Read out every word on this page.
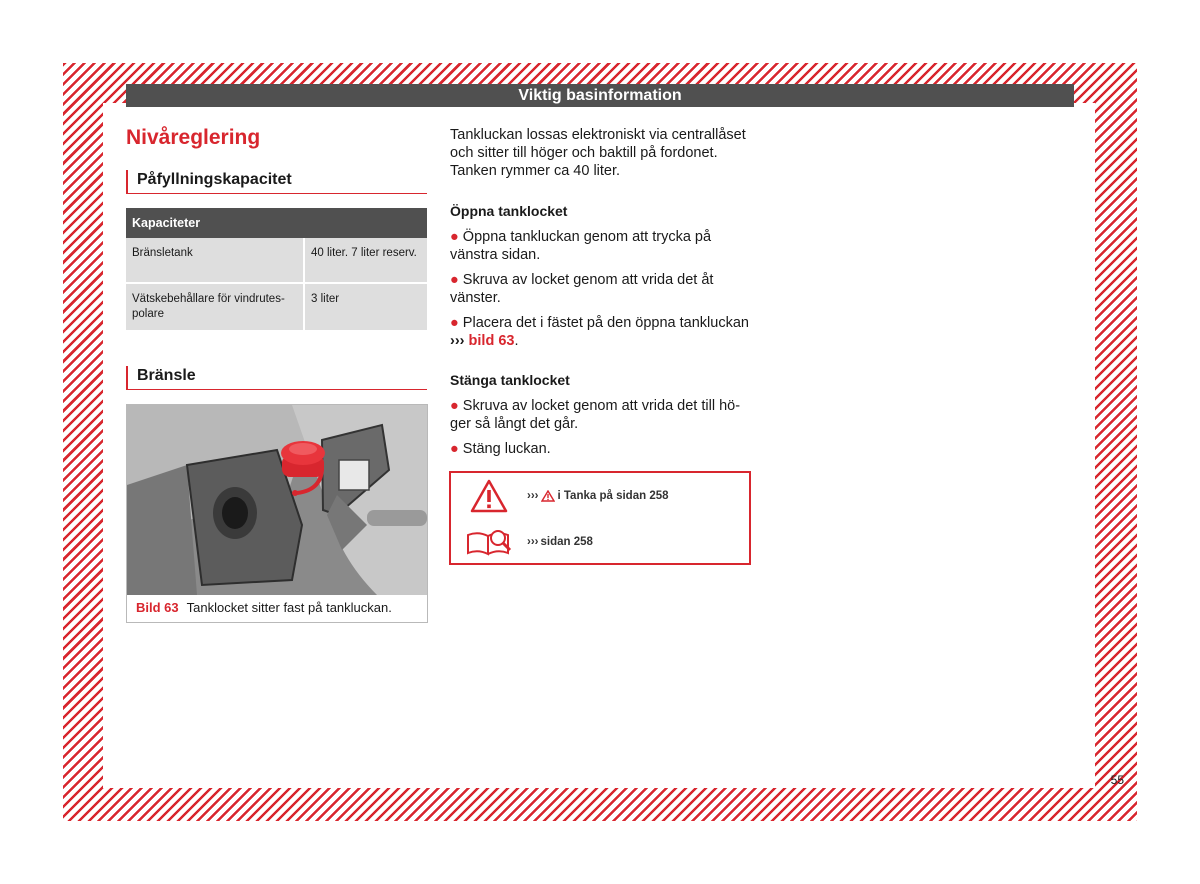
Viktig basinformation
Nivåreglering
Påfyllningskapacitet
Kapaciteter	
Bränsletank	40 liter. 7 liter reserv.
Vätskebehållare för vindrutespolare	3 liter
Bränsle
Bild 63 Tanklocket sitter fast på tankluckan.

Tankluckan lossas elektroniskt via centrallåset och sitter till höger och baktill på fordonet. Tanken rymmer ca 40 liter.

Öppna tanklocket

● Öppna tankluckan genom att trycka på vänstra sidan.

● Skruva av locket genom att vrida det åt vänster.

● Placera det i fästet på den öppna tankluckan ››› bild 63.

Stänga tanklocket

● Skruva av locket genom att vrida det till höger så långt det går.

● Stäng luckan.

››› i Tanka på sidan 258
››› sidan 258
55
